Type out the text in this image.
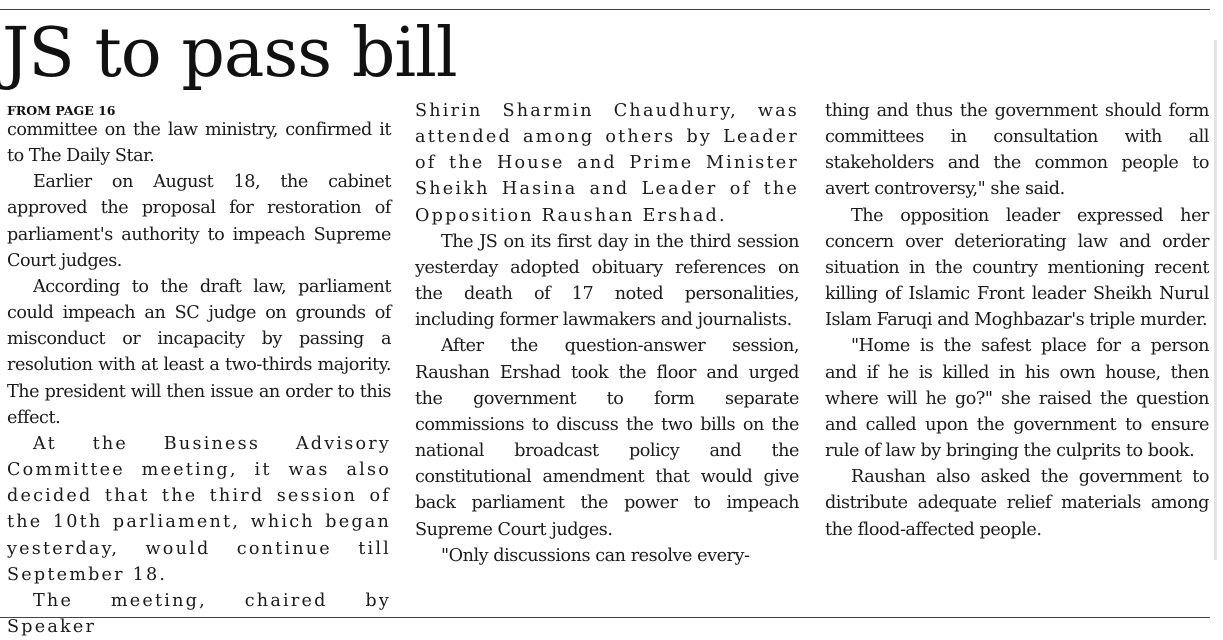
JS to pass bill
FROM PAGE 16

committee on the law ministry, confirmed it to The Daily Star.

Earlier on August 18, the cabinet approved the proposal for restoration of parliament's authority to impeach Supreme Court judges.

According to the draft law, parliament could impeach an SC judge on grounds of misconduct or incapacity by passing a resolution with at least a two-thirds majority. The president will then issue an order to this effect.

At the Business Advisory Committee meeting, it was also decided that the third session of the 10th parliament, which began yesterday, would continue till September 18.

The meeting, chaired by Speaker

Shirin Sharmin Chaudhury, was attended among others by Leader of the House and Prime Minister Sheikh Hasina and Leader of the Opposition Raushan Ershad.

The JS on its first day in the third session yesterday adopted obituary references on the death of 17 noted personalities, including former lawmakers and journalists.

After the question-answer session, Raushan Ershad took the floor and urged the government to form separate commissions to discuss the two bills on the national broadcast policy and the constitutional amendment that would give back parliament the power to impeach Supreme Court judges.

"Only discussions can resolve every-

thing and thus the government should form committees in consultation with all stakeholders and the common people to avert controversy," she said.

The opposition leader expressed her concern over deteriorating law and order situation in the country mentioning recent killing of Islamic Front leader Sheikh Nurul Islam Faruqi and Moghbazar's triple murder.

"Home is the safest place for a person and if he is killed in his own house, then where will he go?" she raised the question and called upon the government to ensure rule of law by bringing the culprits to book.

Raushan also asked the government to distribute adequate relief materials among the flood-affected people.
